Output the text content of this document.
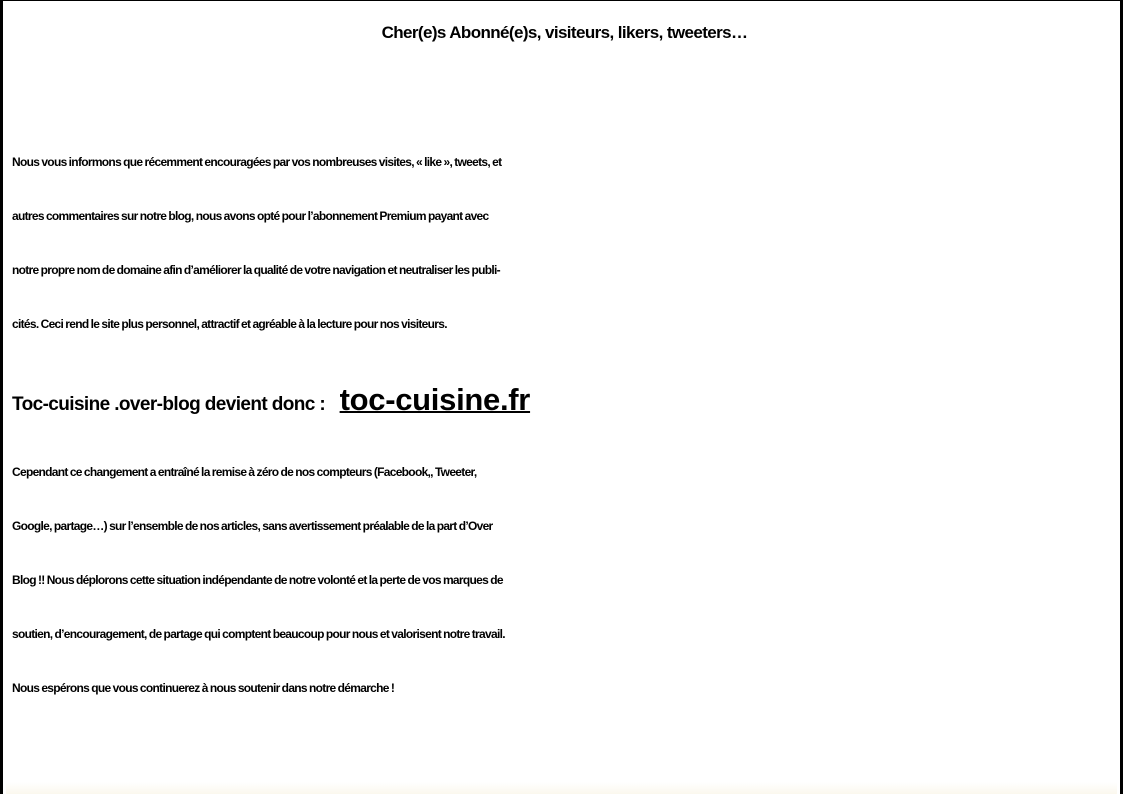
Cher(e)s Abonné(e)s, visiteurs, likers, tweeters…
Nous vous informons que récemment encouragées par vos nombreuses visites, « like », tweets, et
autres commentaires sur notre blog, nous avons opté pour l’abonnement Premium payant avec
notre propre nom de domaine afin d’améliorer la qualité de votre navigation et neutraliser les publi-
cités. Ceci rend le site plus personnel, attractif et agréable à la lecture pour nos visiteurs.
Toc-cuisine .over-blog devient donc : toc-cuisine.fr
Cependant ce changement a entraîné la remise à zéro de nos compteurs (Facebook,, Tweeter,
Google, partage…) sur l’ensemble de nos articles, sans avertissement préalable de la part d’Over
Blog !! Nous déplorons cette situation indépendante de notre volonté et la perte de vos marques de
soutien, d’encouragement, de partage qui comptent beaucoup pour nous et valorisent notre travail.
Nous espérons que vous continuerez à nous soutenir dans notre démarche !
